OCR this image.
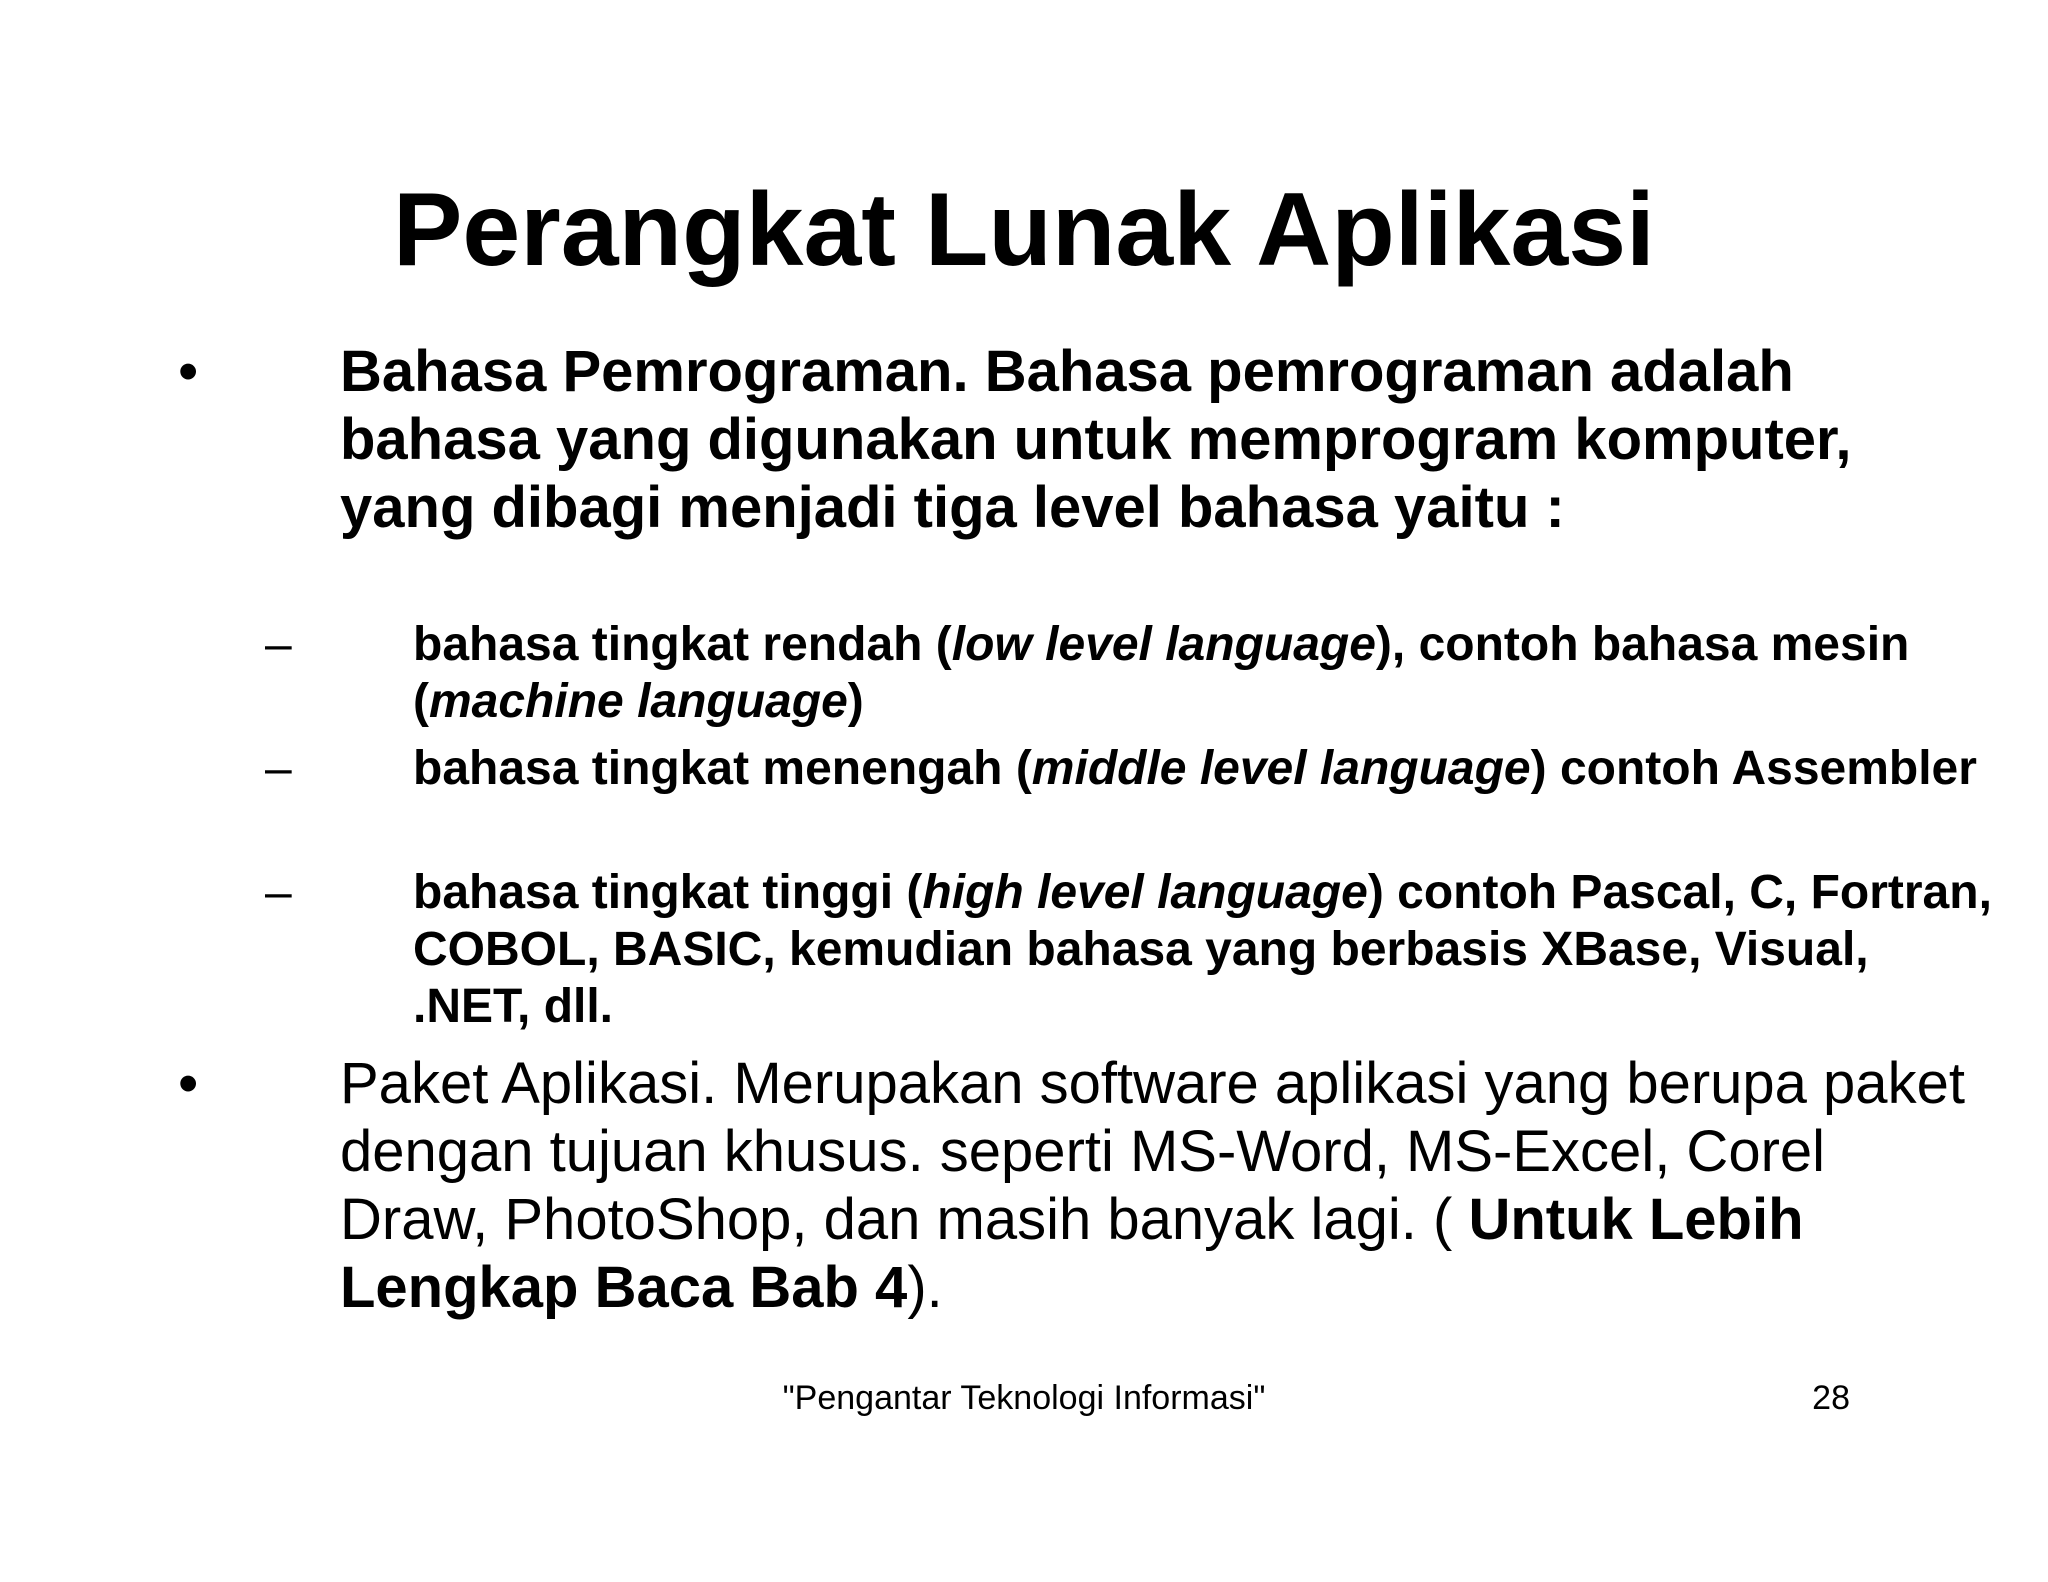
Perangkat Lunak Aplikasi
• Bahasa Pemrograman. Bahasa pemrograman adalah bahasa yang digunakan untuk memprogram komputer, yang dibagi menjadi tiga level bahasa yaitu :
–	bahasa tingkat rendah (low level language), contoh bahasa mesin (machine language)
–	bahasa tingkat menengah (middle level language) contoh Assembler
–	bahasa tingkat tinggi (high level language) contoh Pascal, C, Fortran, COBOL, BASIC, kemudian bahasa yang berbasis XBase, Visual, .NET, dll.
• Paket Aplikasi. Merupakan software aplikasi yang berupa paket dengan tujuan khusus. seperti MS-Word, MS-Excel, Corel Draw, PhotoShop, dan masih banyak lagi. ( Untuk Lebih Lengkap Baca Bab 4).
"Pengantar Teknologi Informasi"	28
